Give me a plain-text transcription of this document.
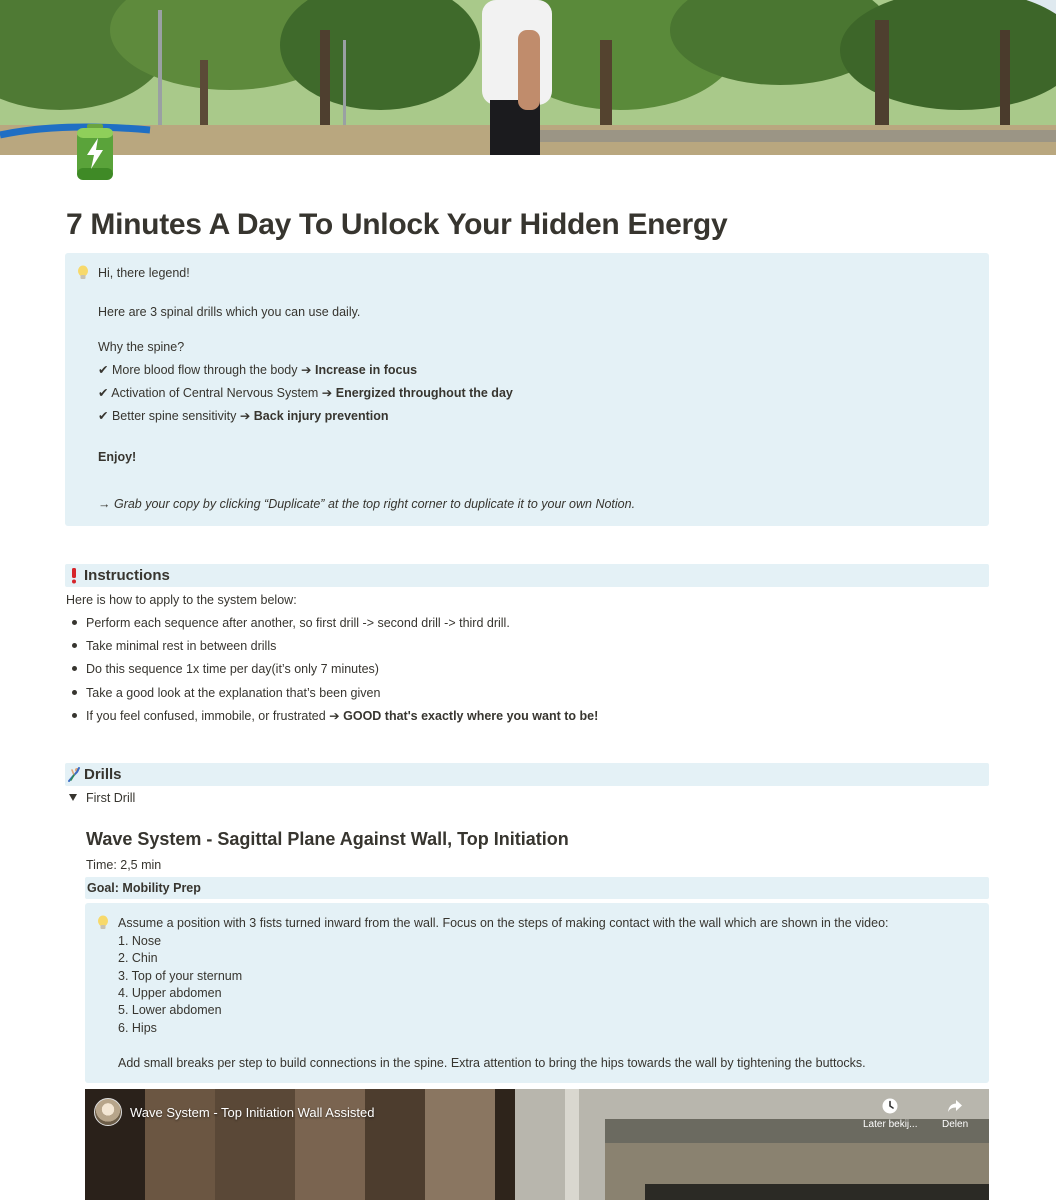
7 Minutes A Day To Unlock Your Hidden Energy

Hi, there legend!

Here are 3 spinal drills which you can use daily.

Why the spine?

✔ More blood flow through the body ➔ Increase in focus

✔ Activation of Central Nervous System ➔ Energized throughout the day

✔ Better spine sensitivity ➔ Back injury prevention

Enjoy!

→ Grab your copy by clicking “Duplicate” at the top right corner to duplicate it to your own Notion.

Instructions
Here is how to apply to the system below:
Perform each sequence after another, so first drill -> second drill -> third drill.
Take minimal rest in between drills
Do this sequence 1x time per day(it’s only 7 minutes)
Take a good look at the explanation that’s been given
If you feel confused, immobile, or frustrated ➔ GOOD that's exactly where you want to be!
Drills
First Drill
Wave System - Sagittal Plane Against Wall, Top Initiation
Time: 2,5 min
Goal: Mobility Prep

Assume a position with 3 fists turned inward from the wall. Focus on the steps of making contact with the wall which are shown in the video:

1. Nose

2. Chin

3. Top of your sternum

4. Upper abdomen

5. Lower abdomen

6. Hips

Add small breaks per step to build connections in the spine. Extra attention to bring the hips towards the wall by tightening the buttocks.

Wave System - Top Initiation Wall Assisted
Later bekij... Delen
